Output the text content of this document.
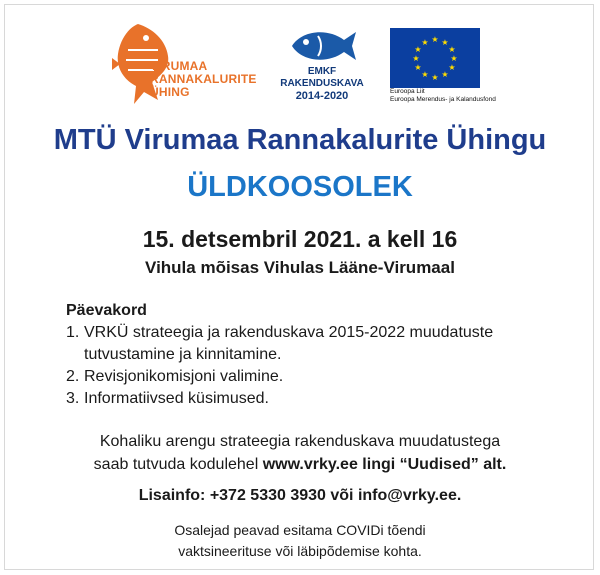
VIRUMAA
RANNAKALURITE
ÜHING
EMKF
RAKENDUSKAVA
2014-2020
★ ★
★
★
★
★
★
★
★
★
★
★
Euroopa Liit
Euroopa Merendus- ja Kalandusfond
MTÜ Virumaa Rannakalurite Ühingu
ÜLDKOOSOLEK
15. detsembril 2021. a kell 16
Vihula mõisas Vihulas Lääne-Virumaal
Päevakord
1. VRKÜ strateegia ja rakenduskava 2015-2022 muudatuste
tutvustamine ja kinnitamine.
2. Revisjonikomisjoni valimine.
3. Informatiivsed küsimused.
Kohaliku arengu strateegia rakenduskava muudatustega
saab tutvuda kodulehel www.vrky.ee lingi “Uudised” alt.
Lisainfo: +372 5330 3930 või info@vrky.ee.
Osalejad peavad esitama COVIDi tõendi
vaktsineerituse või läbipõdemise kohta.
